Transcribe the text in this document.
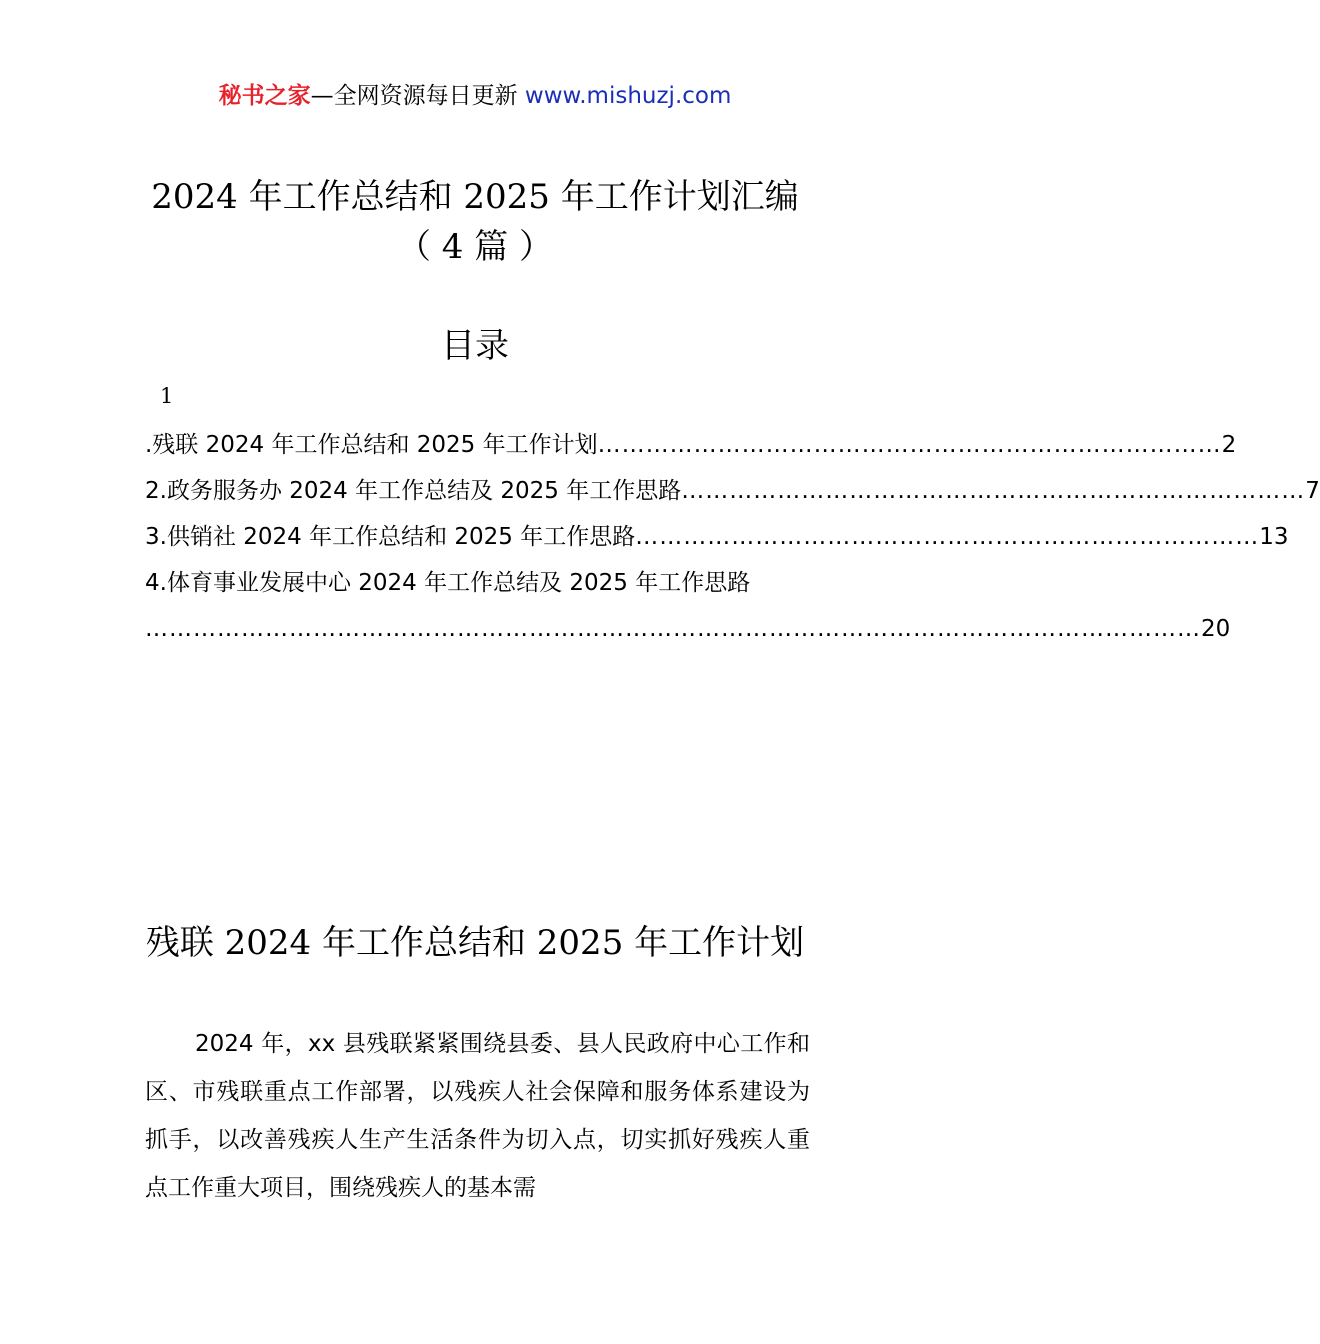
秘书之家—全网资源每日更新 www.mishuzj.com
2024 年工作总结和 2025 年工作计划汇编
（ 4 篇 ）
目录
1
.残联 2024 年工作总结和 2025 年工作计划 …………………………………………………………………… 2
2.政务服务办 2024 年工作总结及 2025 年工作思路 …………………………………………………………………… 7
3.供销社 2024 年工作总结和 2025 年工作思路 …………………………………………………………………… 13
4.体育事业发展中心 2024 年工作总结及 2025 年工作思路
…………………………………………………………………………………………………………………… 20
残联 2024 年工作总结和 2025 年工作计划

2024 年，xx 县残联紧紧围绕县委、县人民政府中心工作和区、市残联重点工作部署，以残疾人社会保障和服务体系建设为抓手，以改善残疾人生产生活条件为切入点，切实抓好残疾人重点工作重大项目，围绕残疾人的基本需
